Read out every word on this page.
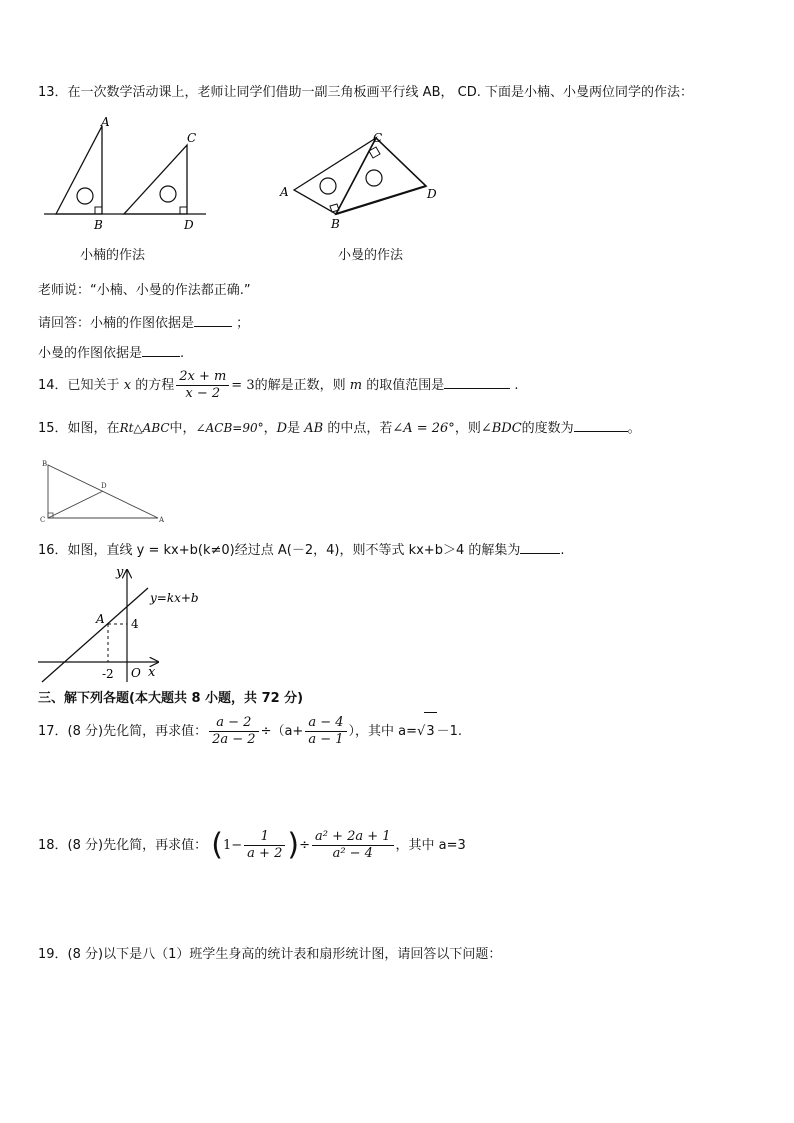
13．在一次数学活动课上，老师让同学们借助一副三角板画平行线 AB， CD. 下面是小楠、小曼两位同学的作法：
A
B
C
D
小楠的作法
A
B
C
D
小曼的作法
老师说：“小楠、小曼的作法都正确.”
请回答：小楠的作图依据是	；
小曼的作图依据是	.
14．已知关于 x 的方程 $\frac{2x + m}{x - 2} = 3$的解是正数，则 m 的取值范围是	.
15．如图，在Rt△ABC中，∠ACB=90°，D是 AB 的中点，若∠A = 26°，则∠BDC的度数为	。
B
D
C	A
16．如图，直线 y = kx+b(k≠0)经过点 A(－2，4)，则不等式 kx+b＞4 的解集为	.
y
x
O
A 4
-2
y=kx+b
三、解下列各题(本大题共 8 小题，共 72 分)
17．(8 分)先化简，再求值： $\frac{a - 2}{2a - 2} \div(a+ \frac{a - 4}{a - 1}$ ），其中 a=√3 －1.
18．(8 分)先化简，再求值： ($1- \frac{1}{a + 2}$ )÷ $\frac{\text{a² + 2a + 1}}{\text{a² − 4}}$ ，其中 a=3
19．(8 分)以下是八（1）班学生身高的统计表和扇形统计图，请回答以下问题：
